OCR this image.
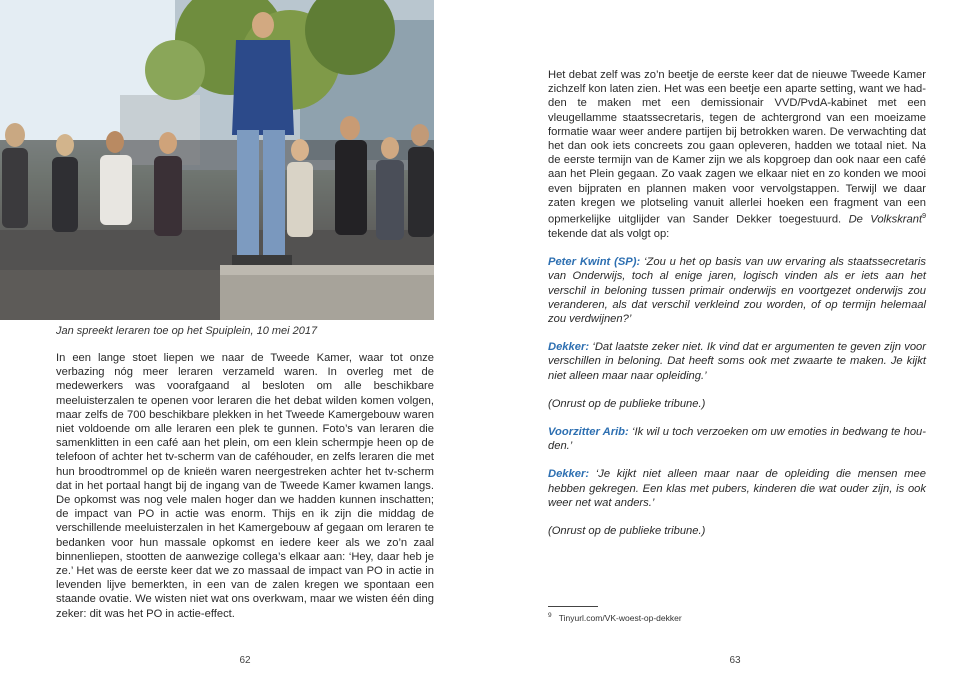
Jan spreekt leraren toe op het Spuiplein, 10 mei 2017

In een lange stoet liepen we naar de Tweede Kamer, waar tot onze verbazing nóg meer leraren verzameld waren. In overleg met de medewerkers was voorafgaand al besloten om alle beschikbare meeluisterzalen te openen voor leraren die het debat wilden komen volgen, maar zelfs de 700 beschikbare plekken in het Tweede Kamergebouw waren niet voldoende om alle leraren een plek te gunnen. Foto’s van leraren die samenklitten in een café aan het plein, om een klein schermpje heen op de telefoon of achter het tv-scherm van de caféhouder, en zelfs leraren die met hun broodtrommel op de knieën waren neergestreken achter het tv-scherm dat in het portaal hangt bij de ingang van de Tweede Kamer kwamen langs. De opkomst was nog vele malen hoger dan we hadden kunnen inschatten; de impact van PO in actie was enorm. Thijs en ik zijn die middag de verschillende meeluisterzalen in het Kamergebouw af gegaan om leraren te bedanken voor hun massale opkomst en iedere keer als we zo’n zaal binnenliepen, stootten de aanwezige collega’s elkaar aan: ‘Hey, daar heb je ze.’ Het was de eerste keer dat we zo massaal de impact van PO in actie in levenden lijve bemerkten, in een van de zalen kregen we spontaan een staande ovatie. We wisten niet wat ons overkwam, maar we wisten één ding zeker: dit was het PO in actie-effect.

62

Het debat zelf was zo’n beetje de eerste keer dat de nieuwe Tweede Kamer zichzelf kon laten zien. Het was een beetje een aparte setting, want we hadden te maken met een demissionair VVD/PvdA-kabinet met een vleugellamme staatssecretaris, tegen de achtergrond van een moeizame formatie waar weer andere partijen bij betrokken waren. De verwachting dat het dan ook iets concreets zou gaan opleveren, hadden we totaal niet. Na de eerste termijn van de Kamer zijn we als kopgroep dan ook naar een café aan het Plein gegaan. Zo vaak zagen we elkaar niet en zo konden we mooi even bijpraten en plannen maken voor vervolgstappen. Terwijl we daar zaten kregen we plotseling vanuit allerlei hoeken een fragment van een opmerkelijke uitglijder van Sander Dekker toegestuurd. De Volkskrant$^9$ tekende dat als volgt op:

Peter Kwint (SP): ‘Zou u het op basis van uw ervaring als staatssecretaris van Onderwijs, toch al enige jaren, logisch vinden als er iets aan het verschil in beloning tussen primair onderwijs en voortgezet onderwijs zou veranderen, als dat verschil verkleind zou worden, of op termijn helemaal zou verdwijnen?’

Dekker: ‘Dat laatste zeker niet. Ik vind dat er argumenten te geven zijn voor verschillen in beloning. Dat heeft soms ook met zwaarte te maken. Je kijkt niet alleen maar naar opleiding.’

(Onrust op de publieke tribune.)

Voorzitter Arib: ‘Ik wil u toch verzoeken om uw emoties in bedwang te houden.’

Dekker: ‘Je kijkt niet alleen maar naar de opleiding die mensen mee hebben gekregen. Een klas met pubers, kinderen die wat ouder zijn, is ook weer net wat anders.’

(Onrust op de publieke tribune.)

63
$^9$ Tinyurl.com/VK-woest-op-dekker
